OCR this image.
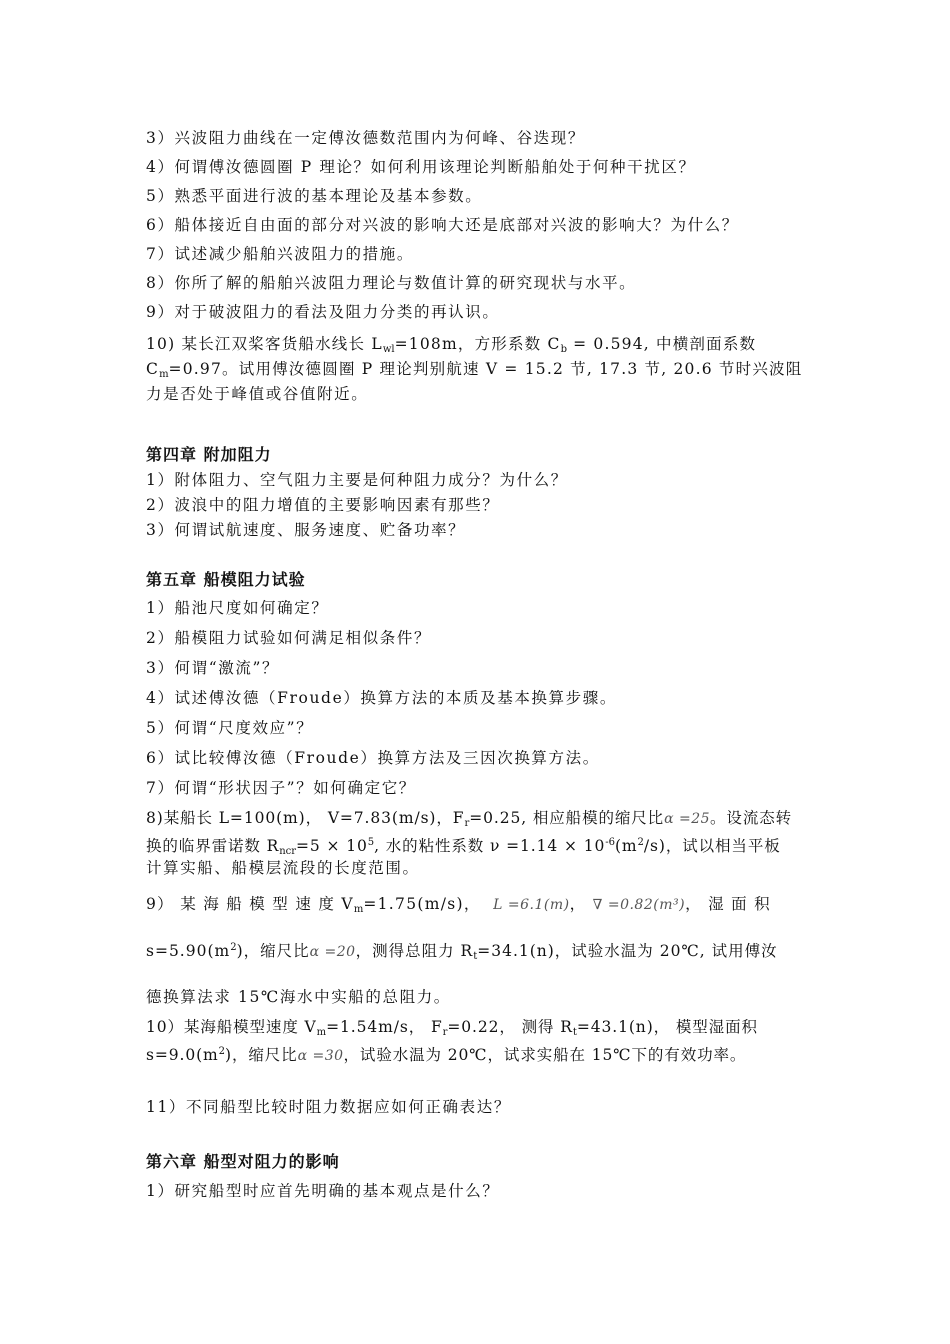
3）兴波阻力曲线在一定傅汝德数范围内为何峰、谷迭现？
4）何谓傅汝德圆圈 P 理论？如何利用该理论判断船舶处于何种干扰区？
5）熟悉平面进行波的基本理论及基本参数。
6）船体接近自由面的部分对兴波的影响大还是底部对兴波的影响大？为什么？
7）试述减少船舶兴波阻力的措施。
8）你所了解的船舶兴波阻力理论与数值计算的研究现状与水平。
9）对于破波阻力的看法及阻力分类的再认识。
10) 某长江双桨客货船水线长 $L_{wl}=108m$，方形系数 $C_b = 0.594$, 中横剖面系数
$C_m=0.97$。试用傅汝德圆圈 P 理论判别航速 V = 15.2 节, 17.3 节, 20.6 节时兴波阻
力是否处于峰值或谷值附近。
第四章 附加阻力
1）附体阻力、空气阻力主要是何种阻力成分？为什么？
2）波浪中的阻力增值的主要影响因素有那些？
3）何谓试航速度、服务速度、贮备功率？
第五章 船模阻力试验
1）船池尺度如何确定？
2）船模阻力试验如何满足相似条件？
3）何谓“激流”？
4）试述傅汝德（Froude）换算方法的本质及基本换算步骤。
5）何谓“尺度效应”？
6）试比较傅汝德（Froude）换算方法及三因次换算方法。
7）何谓“形状因子”？如何确定它？
8)某船长 L=100(m)， V=7.83(m/s)，$F_r=0.25$, 相应船模的缩尺比α =25。设流态转
换的临界雷诺数 $R_{ncr}=5 \times 10^5$, 水的粘性系数 $\nu =1.14 \times 10^{-6}(m^2/s)$，试以相当平板
计算实船、船模层流段的长度范围。
9） 某 海 船 模 型 速 度 $V_m=1.75(m/s)$， L =6.1(m)， ∇ =0.82(m³)， 湿 面 积
$s=5.90(m^2)$，缩尺比α =20，测得总阻力 $R_t=34.1(n)$，试验水温为 20℃, 试用傅汝
德换算法求 15℃海水中实船的总阻力。
10）某海船模型速度 $V_m=1.54m/s$， $F_r=0.22$， 测得 $R_t=43.1(n)$， 模型湿面积
$s=9.0(m^2)$，缩尺比α =30，试验水温为 20℃，试求实船在 15℃下的有效功率。
11）不同船型比较时阻力数据应如何正确表达？
第六章 船型对阻力的影响
1）研究船型时应首先明确的基本观点是什么？
